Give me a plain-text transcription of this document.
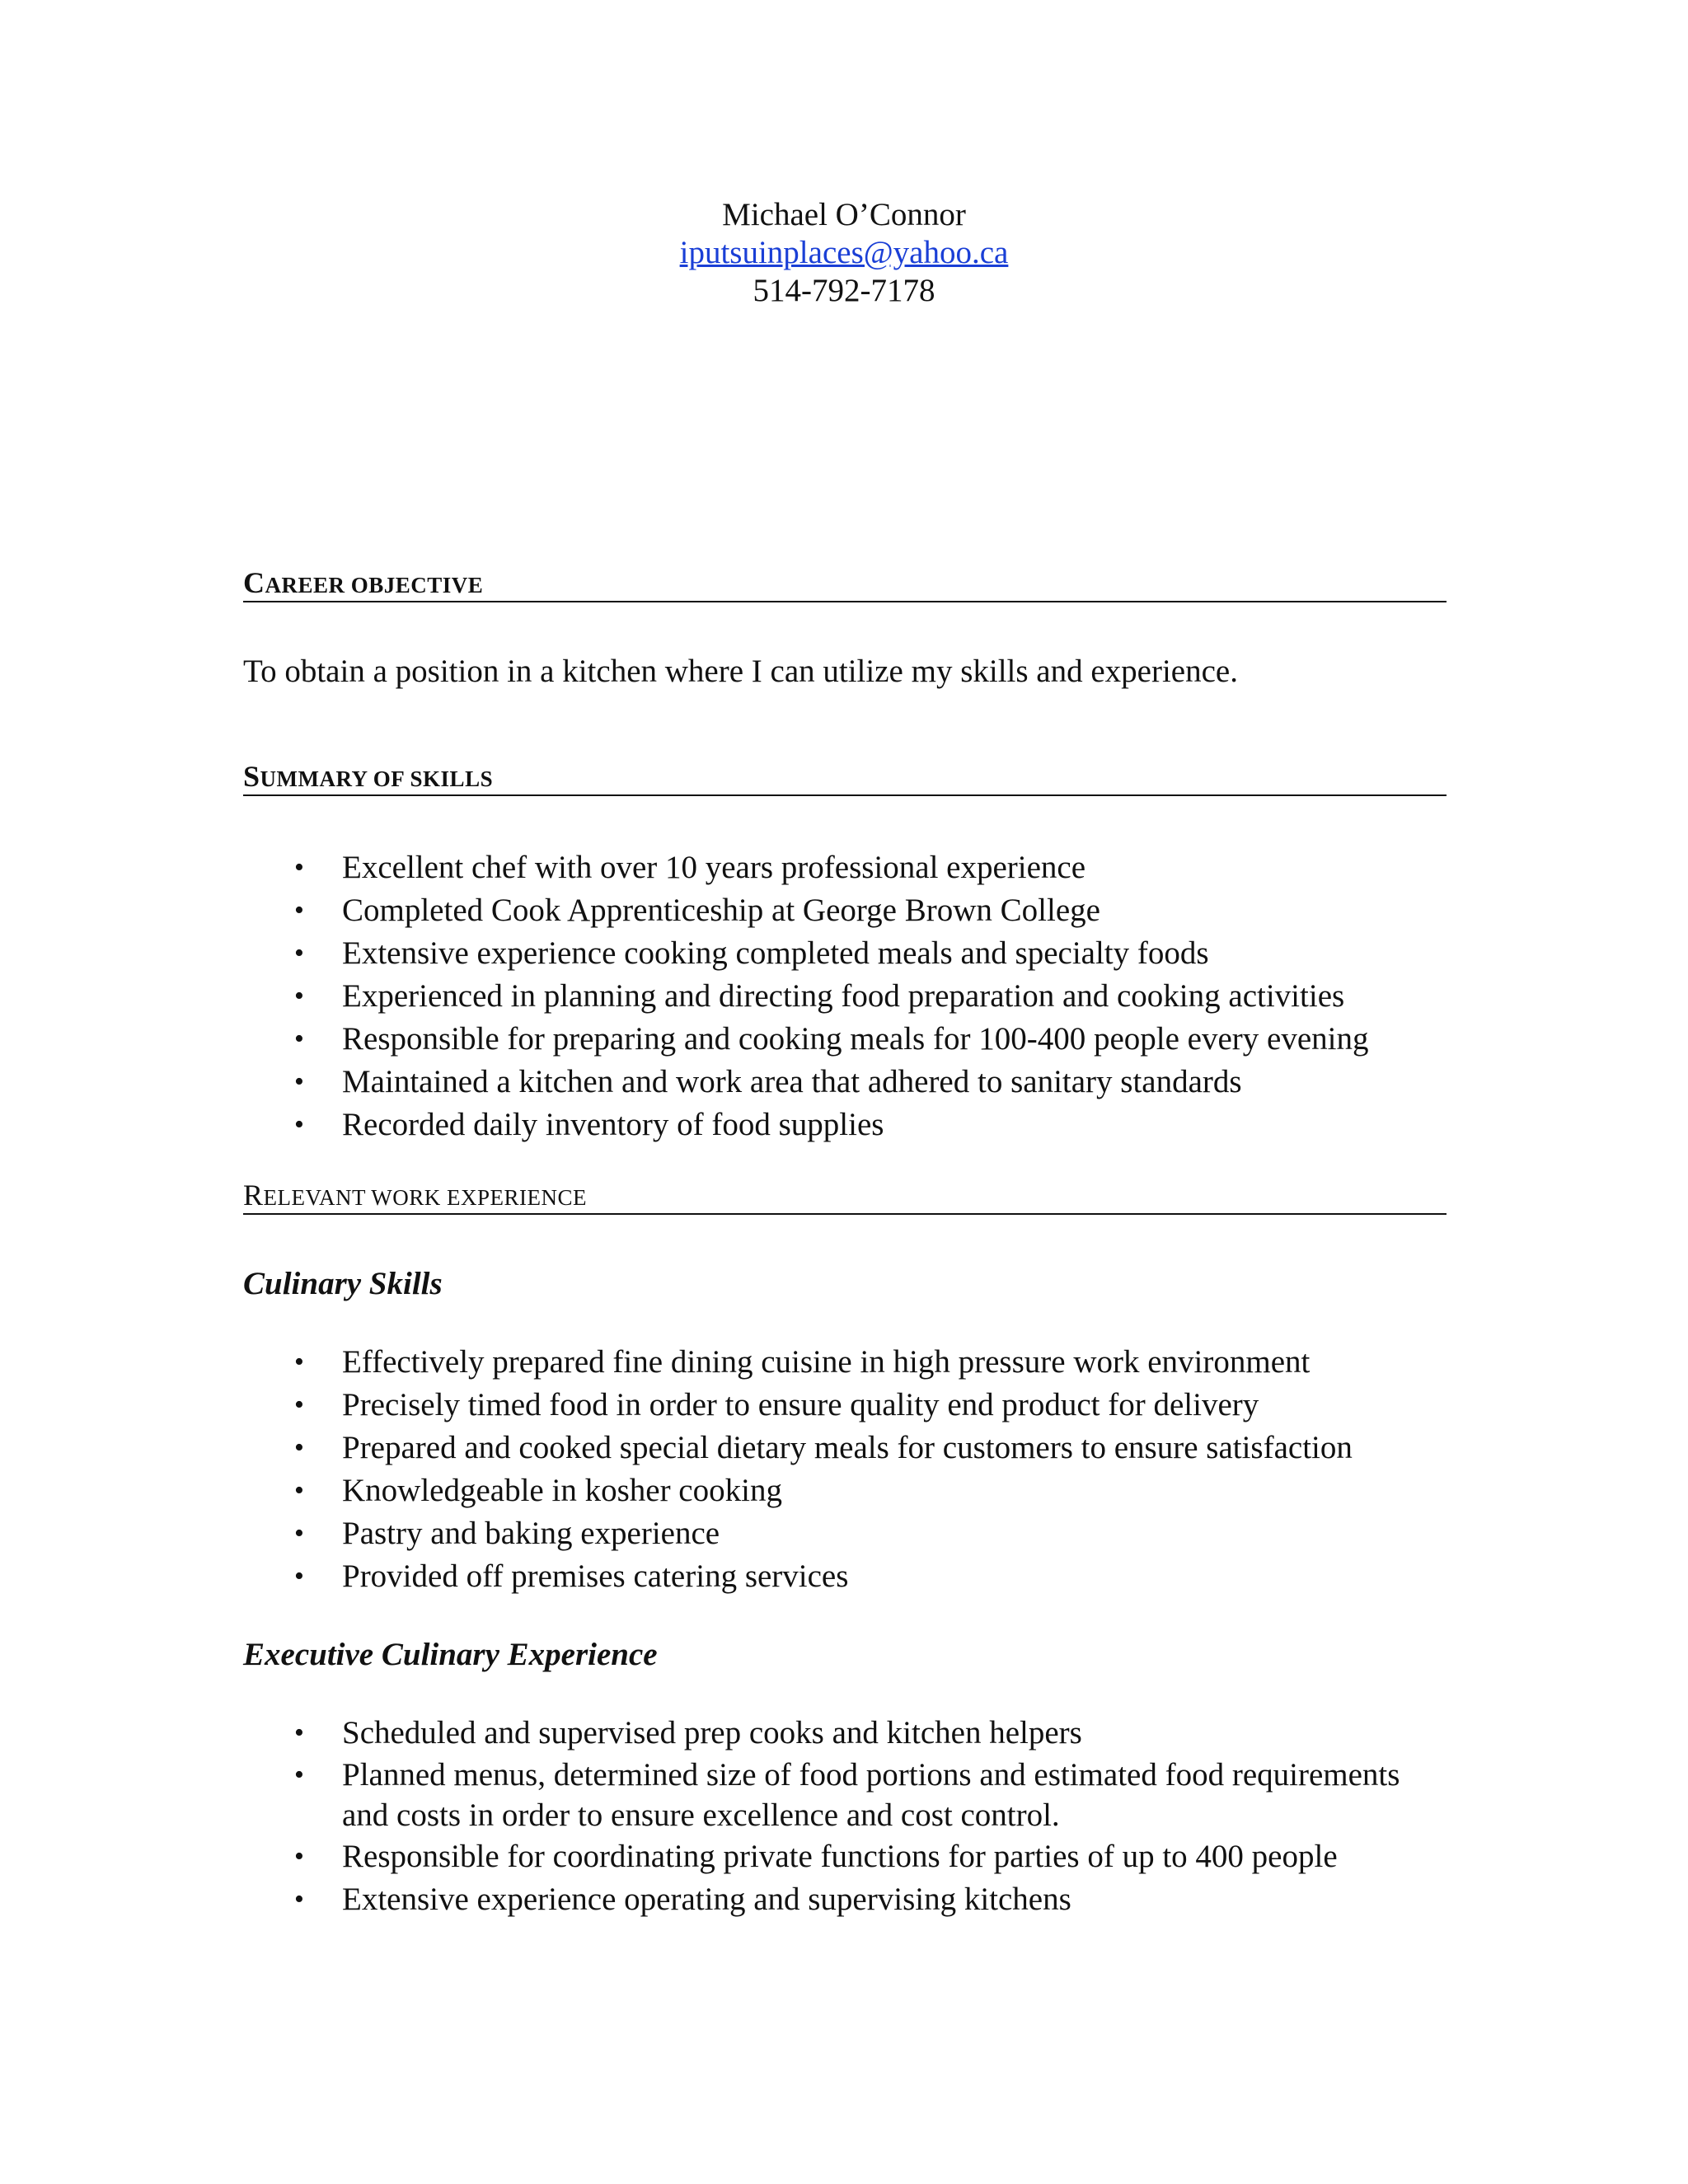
Michael O’Connor
iputsuinplaces@yahoo.ca
514-792-7178
CAREER OBJECTIVE
To obtain a position in a kitchen where I can utilize my skills and experience.
SUMMARY OF SKILLS
• Excellent chef with over 10 years professional experience
• Completed Cook Apprenticeship at George Brown College
• Extensive experience cooking completed meals and specialty foods
• Experienced in planning and directing food preparation and cooking activities
• Responsible for preparing and cooking meals for 100-400 people every evening
• Maintained a kitchen and work area that adhered to sanitary standards
• Recorded daily inventory of food supplies
RELEVANT WORK EXPERIENCE
Culinary Skills
• Effectively prepared fine dining cuisine in high pressure work environment
• Precisely timed food in order to ensure quality end product for delivery
• Prepared and cooked special dietary meals for customers to ensure satisfaction
• Knowledgeable in kosher cooking
• Pastry and baking experience
• Provided off premises catering services
Executive Culinary Experience
• Scheduled and supervised prep cooks and kitchen helpers
• Planned menus, determined size of food portions and estimated food requirements and costs in order to ensure excellence and cost control.
• Responsible for coordinating private functions for parties of up to 400 people
• Extensive experience operating and supervising kitchens
